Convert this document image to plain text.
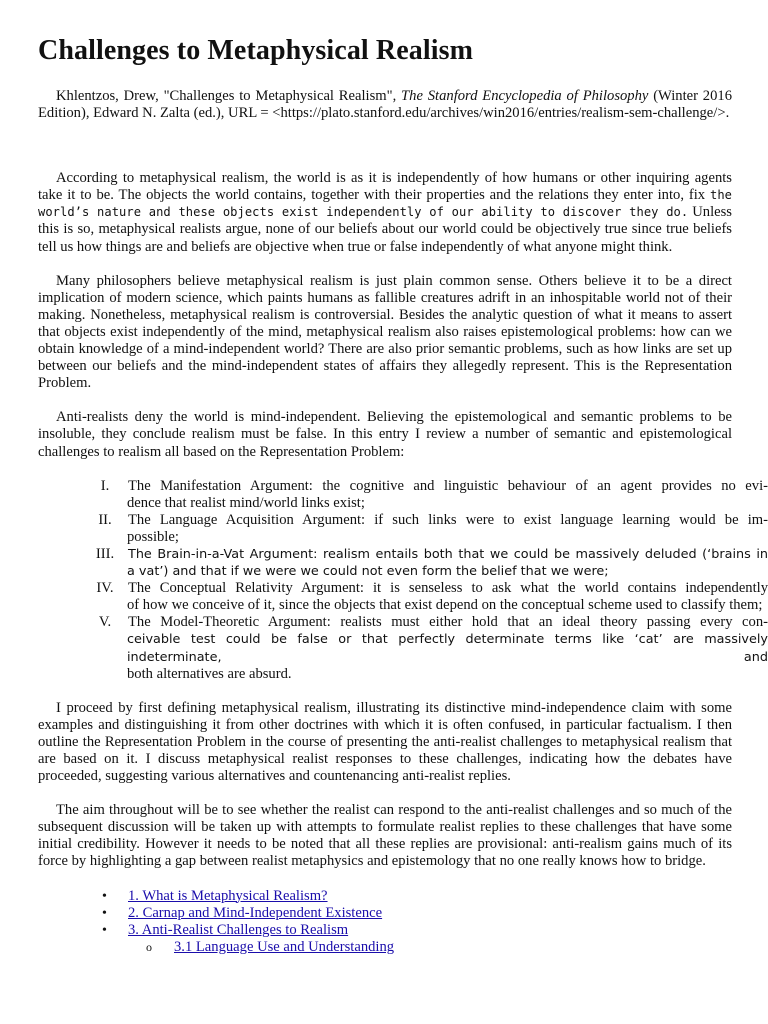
Challenges to Metaphysical Realism

Khlentzos, Drew, "Challenges to Metaphysical Realism", The Stanford Encyclopedia of Philosophy (Winter 2016 Edition), Edward N. Zalta (ed.), URL = <https://plato.stanford.edu/archives/win2016/entries/realism-sem-challenge/>.

According to metaphysical realism, the world is as it is independently of how humans or other inquiring agents take it to be. The objects the world contains, together with their properties and the relations they enter into, fix the world’s nature and these objects exist independently of our ability to discover they do. Unless this is so, metaphysical realists argue, none of our beliefs about our world could be objectively true since true beliefs tell us how things are and beliefs are objective when true or false independently of what anyone might think.

Many philosophers believe metaphysical realism is just plain common sense. Others believe it to be a direct implication of modern science, which paints humans as fallible creatures adrift in an inhospitable world not of their making. Nonetheless, metaphysical realism is controversial. Besides the analytic question of what it means to assert that objects exist independently of the mind, metaphysical realism also raises epistemological problems: how can we obtain knowledge of a mind-independent world? There are also prior semantic problems, such as how links are set up between our beliefs and the mind-independent states of affairs they allegedly represent. This is the Representation Problem.

Anti-realists deny the world is mind-independent. Believing the epistemological and semantic problems to be insoluble, they conclude realism must be false. In this entry I review a number of semantic and epistemological challenges to realism all based on the Representation Problem:

I.	The Manifestation Argument: the cognitive and linguistic behaviour of an agent provides no evi-
dence that realist mind/world links exist;
II.	The Language Acquisition Argument: if such links were to exist language learning would be im-
possible;
III.	The Brain-in-a-Vat Argument: realism entails both that we could be massively deluded (‘brains in
a vat’) and that if we were we could not even form the belief that we were;
IV. The Conceptual Relativity Argument: it is senseless to ask what the world contains independently
of how we conceive of it, since the objects that exist depend on the conceptual scheme used to classify them;
V.	The Model-Theoretic Argument: realists must either hold that an ideal theory passing every con-
ceivable test could be false or that perfectly determinate terms like ‘cat’ are massively indeterminate, and
both alternatives are absurd.

I proceed by first defining metaphysical realism, illustrating its distinctive mind-independence claim with some examples and distinguishing it from other doctrines with which it is often confused, in particular factualism. I then outline the Representation Problem in the course of presenting the anti-realist challenges to metaphysical realism that are based on it. I discuss metaphysical realist responses to these challenges, indicating how the debates have proceeded, suggesting various alternatives and countenancing anti-realist replies.

The aim throughout will be to see whether the realist can respond to the anti-realist challenges and so much of the subsequent discussion will be taken up with attempts to formulate realist replies to these challenges that have some initial credibility. However it needs to be noted that all these replies are provisional: anti-realism gains much of its force by highlighting a gap between realist metaphysics and epistemology that no one really knows how to bridge.

• 1. What is Metaphysical Realism?
• 2. Carnap and Mind-Independent Existence
• 3. Anti-Realist Challenges to Realism
o 3.1 Language Use and Understanding
